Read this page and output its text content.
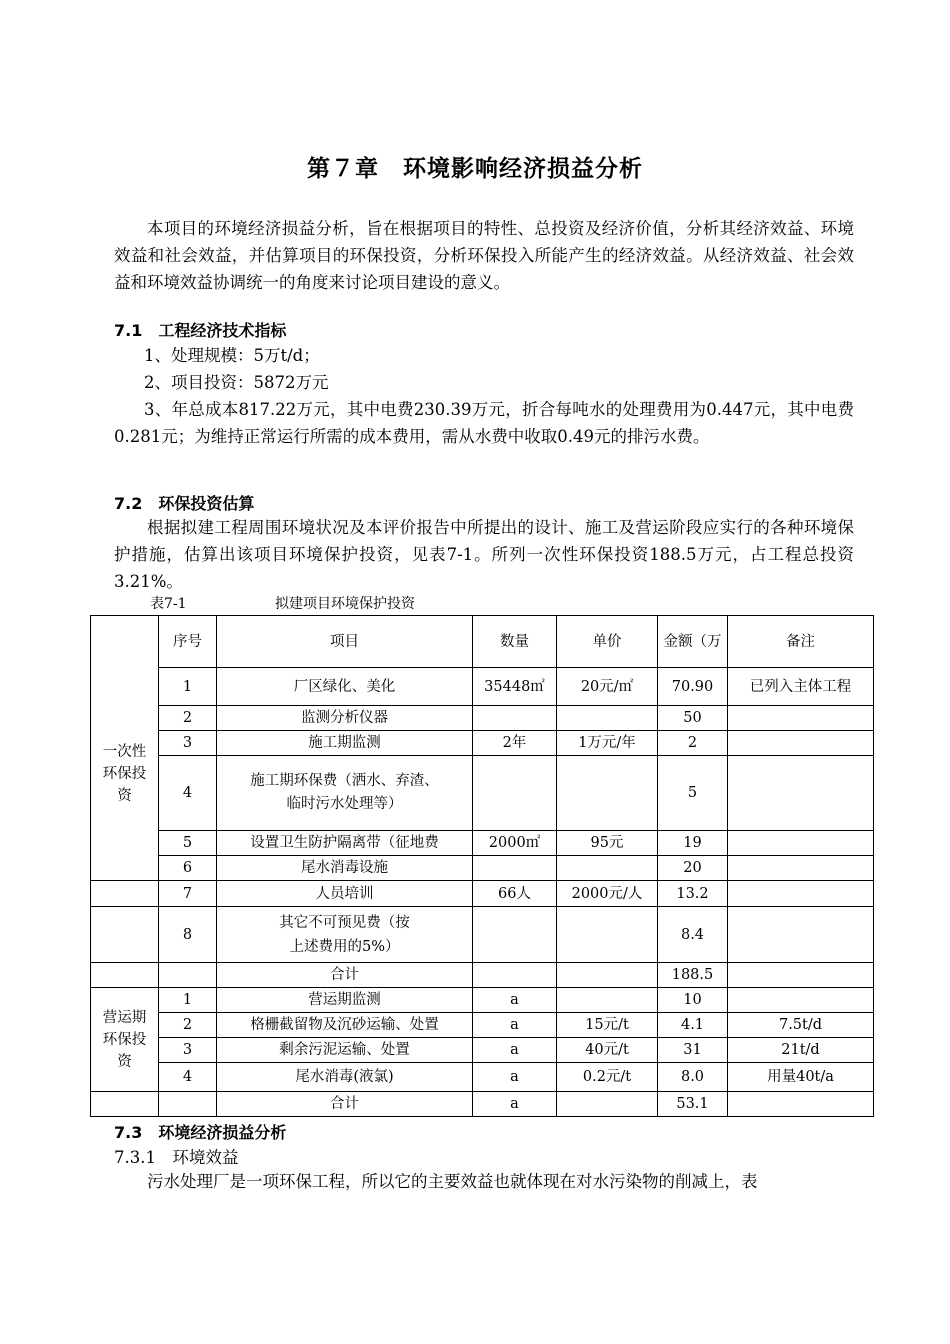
第７章　环境影响经济损益分析
本项目的环境经济损益分析，旨在根据项目的特性、总投资及经济价值，分析其经济效益、环境效益和社会效益，并估算项目的环保投资，分析环保投入所能产生的经济效益。从经济效益、社会效益和环境效益协调统一的角度来讨论项目建设的意义。
7.1　工程经济技术指标
1、处理规模：5万t/d；
2、项目投资：5872万元
3、年总成本817.22万元，其中电费230.39万元，折合每吨水的处理费用为0.447元，其中电费0.281元；为维持正常运行所需的成本费用，需从水费中收取0.49元的排污水费。
7.2　环保投资估算
根据拟建工程周围环境状况及本评价报告中所提出的设计、施工及营运阶段应实行的各种环境保护措施，估算出该项目环境保护投资，见表7-1。所列一次性环保投资188.5万元，占工程总投资3.21%。
表7-1	拟建项目环境保护投资
	序号	项目	数量	单价	金额（万	备注

一次性环保投资	1	厂区绿化、美化	35448㎡	20元/㎡	70.90	已列入主体工程
	2	监测分析仪器			50	
	3	施工期监测	2年	1万元/年	2	
	4	施工期环保费（洒水、弃渣、临时污水处理等）			5	
	5	设置卫生防护隔离带（征地费	2000㎡	95元	19	
	6	尾水消毒设施			20	
	7	人员培训	66人	2000元/人	13.2	
	8	其它不可预见费（按上述费用的5%）			8.4	
		合计			188.5	

营运期环保投资	1	营运期监测	a		10	
	2	格栅截留物及沉砂运输、处置	a	15元/t	4.1	7.5t/d
	3	剩余污泥运输、处置	a	40元/t	31	21t/d
	4	尾水消毒(液氯)	a	0.2元/t	8.0	用量40t/a
		合计	a		53.1	
7.3　环境经济损益分析
7.3.1　环境效益
污水处理厂是一项环保工程，所以它的主要效益也就体现在对水污染物的削减上，表
